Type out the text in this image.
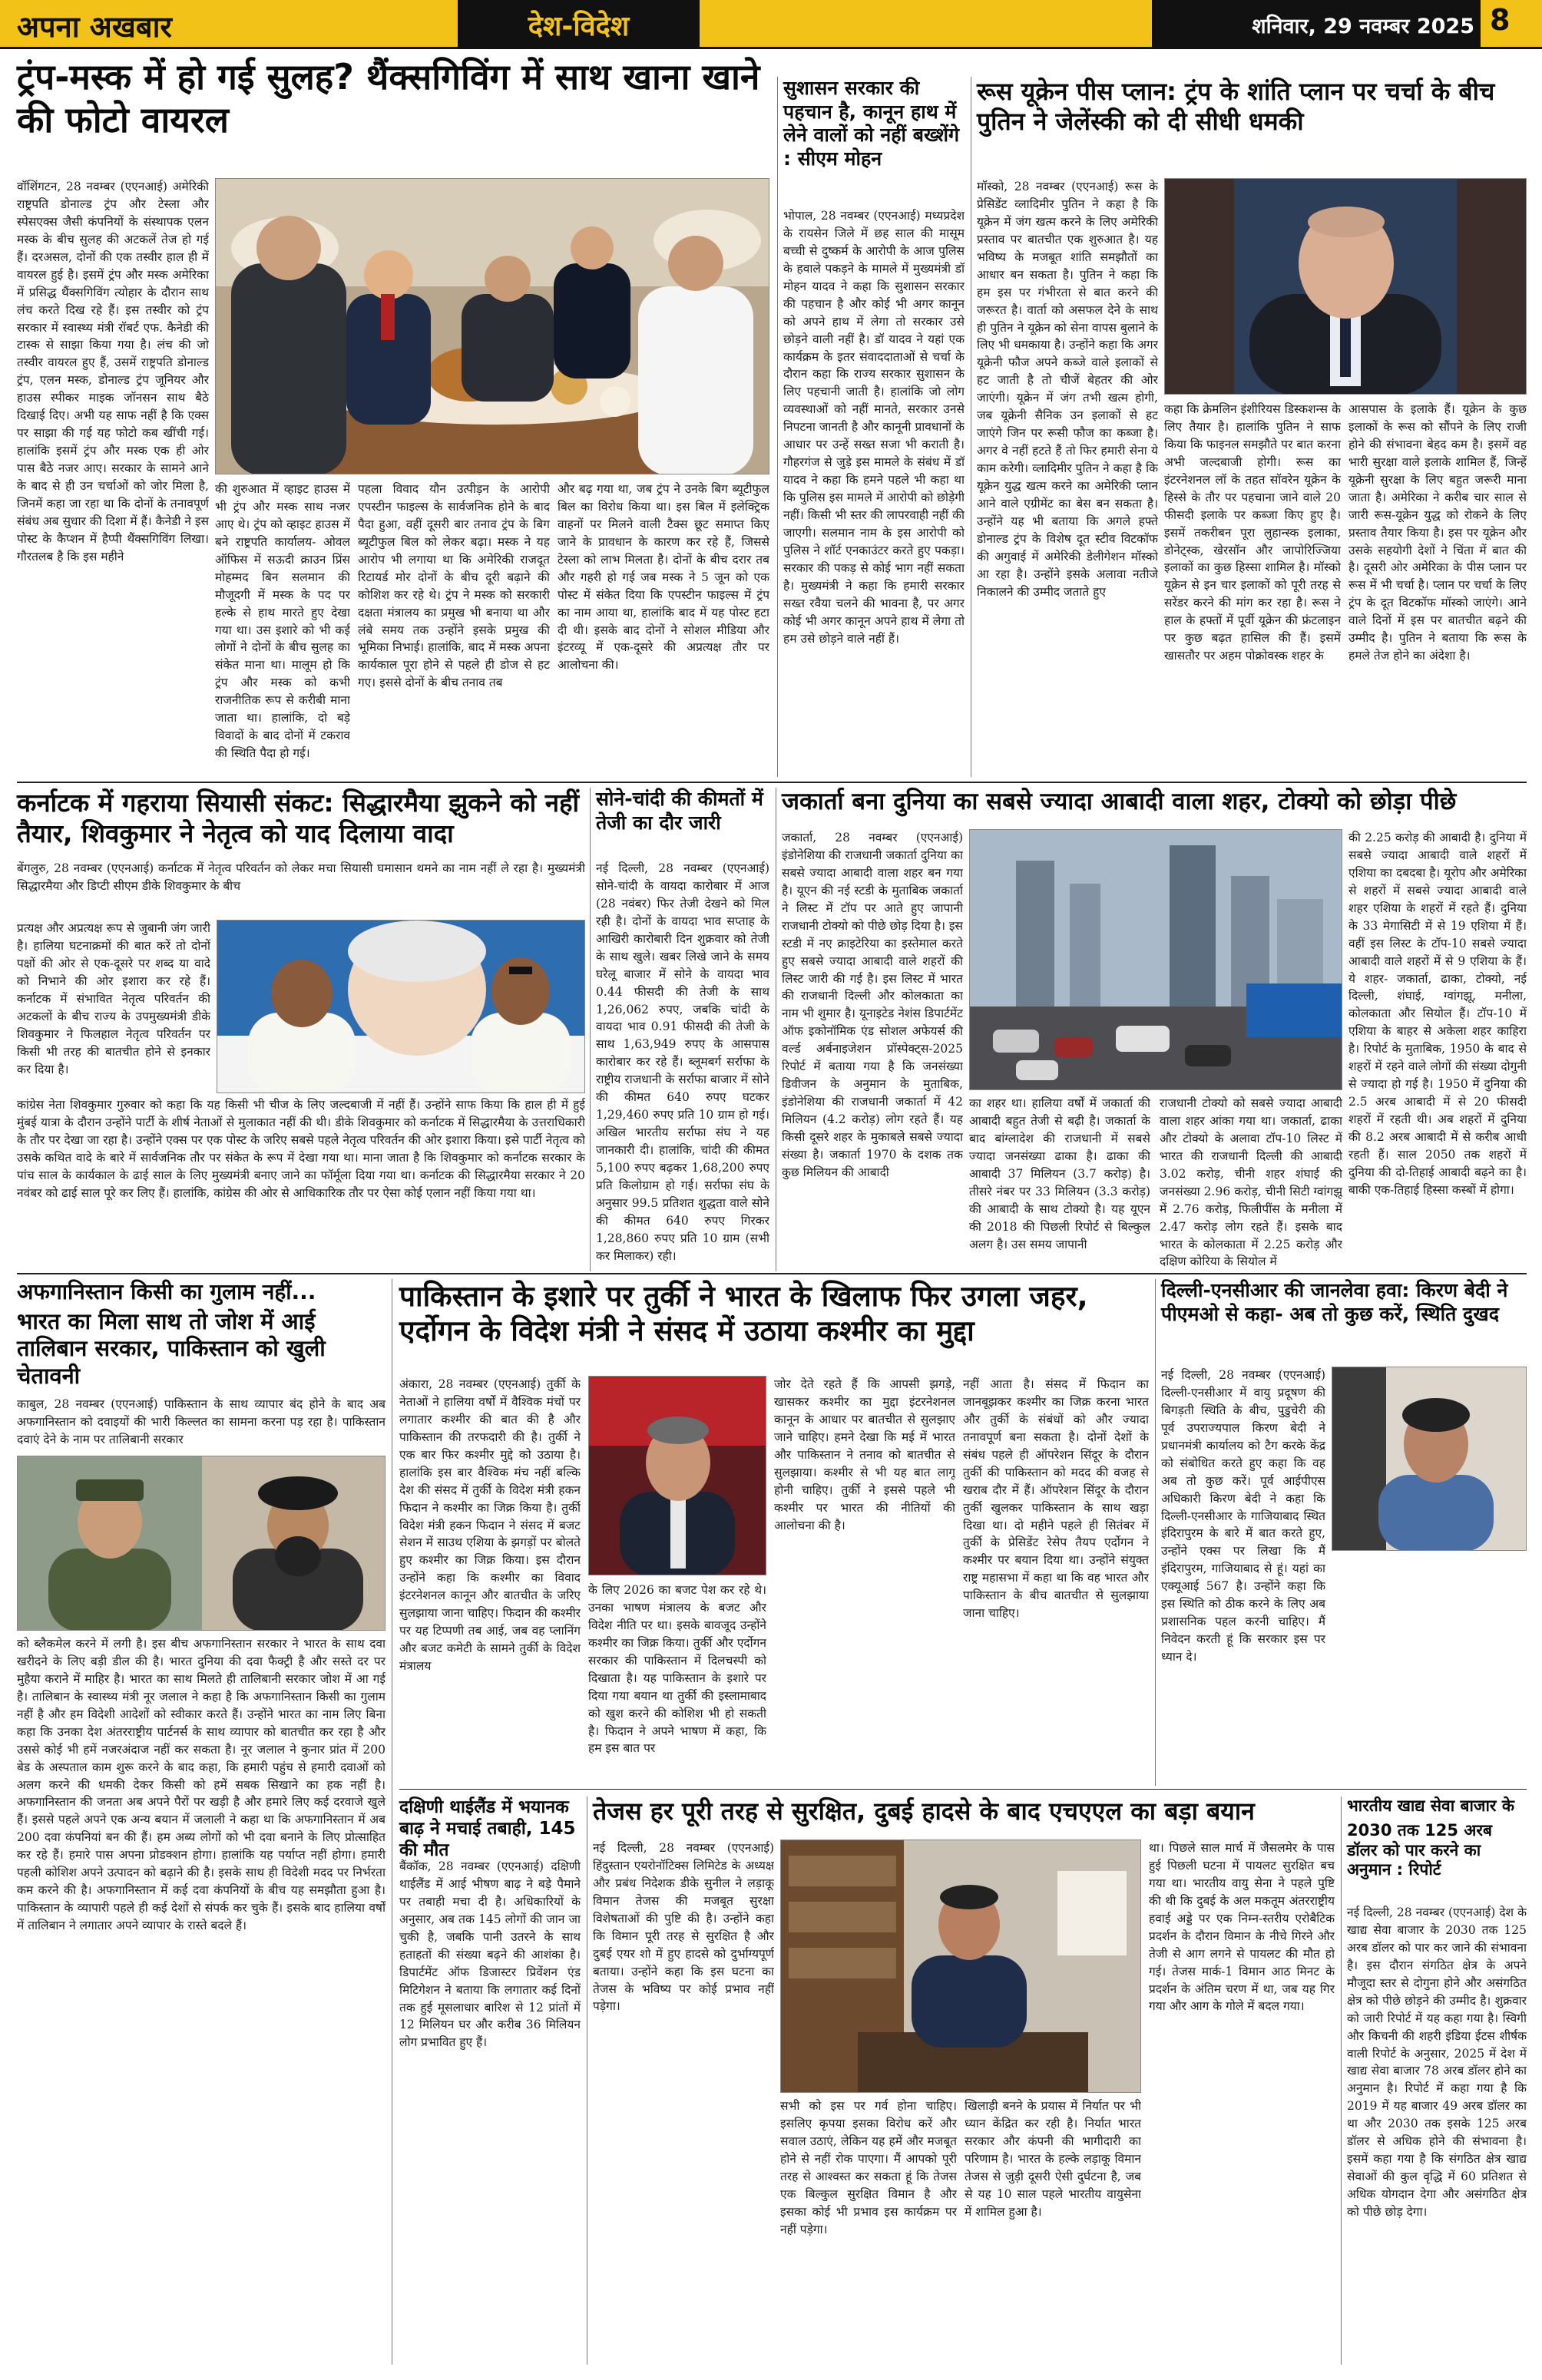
अपना अखबार	देश-विदेश	शनिवार, 29 नवम्बर 2025 8
ट्रंप-मस्क में हो गई सुलह? थैंक्सगिविंग में साथ खाना खाने की फोटो वायरल
वॉशिंगटन, 28 नवम्बर (एएनआई) अमेरिकी राष्ट्रपति डोनाल्ड ट्रंप और टेस्ला और स्पेसएक्स जैसी कंपनियों के संस्थापक एलन मस्क के बीच सुलह की अटकलें तेज हो गई हैं। दरअसल, दोनों की एक तस्वीर हाल ही में वायरल हुई है। इसमें ट्रंप और मस्क अमेरिका में प्रसिद्ध थैंक्सगिविंग त्योहार के दौरान साथ लंच करते दिख रहे हैं। इस तस्वीर को ट्रंप सरकार में स्वास्थ्य मंत्री रॉबर्ट एफ. कैनेडी की टास्क से साझा किया गया है। लंच की जो तस्वीर वायरल हुए हैं, उसमें राष्ट्रपति डोनाल्ड ट्रंप, एलन मस्क, डोनाल्ड ट्रंप जूनियर और हाउस स्पीकर माइक जॉनसन साथ बैठे दिखाई दिए। अभी यह साफ नहीं है कि एक्स पर साझा की गई यह फोटो कब खींची गई। हालांकि इसमें ट्रंप और मस्क एक ही ओर पास बैठे नजर आए। सरकार के सामने आने के बाद से ही उन चर्चाओं को जोर मिला है, जिनमें कहा जा रहा था कि दोनों के तनावपूर्ण संबंध अब सुधार की दिशा में हैं। कैनेडी ने इस पोस्ट के कैप्शन में हैप्पी थैंक्सगिविंग लिखा। गौरतलब है कि इस महीने
की शुरुआत में व्हाइट हाउस में भी ट्रंप और मस्क साथ नजर आए थे। ट्रंप को व्हाइट हाउस में बने राष्ट्रपति कार्यालय- ओवल ऑफिस में सऊदी क्राउन प्रिंस मोहम्मद बिन सलमान की मौजूदगी में मस्क के पद पर हल्के से हाथ मारते हुए देखा गया था। उस इशारे को भी कई लोगों ने दोनों के बीच सुलह का संकेत माना था। मालूम हो कि ट्रंप और मस्क को कभी राजनीतिक रूप से करीबी माना जाता था। हालांकि, दो बड़े विवादों के बाद दोनों में टकराव की स्थिति पैदा हो गई।
पहला विवाद यौन उत्पीड़न के आरोपी एपस्टीन फाइल्स के सार्वजनिक होने के बाद पैदा हुआ, वहीं दूसरी बार तनाव ट्रंप के बिग ब्यूटीफुल बिल को लेकर बढ़ा। मस्क ने यह आरोप भी लगाया था कि अमेरिकी राजदूत रिटायर्ड मोर दोनों के बीच दूरी बढ़ाने की कोशिश कर रहे थे। ट्रंप ने मस्क को सरकारी दक्षता मंत्रालय का प्रमुख भी बनाया था और लंबे समय तक उन्होंने इसके प्रमुख की भूमिका निभाई। हालांकि, बाद में मस्क अपना कार्यकाल पूरा होने से पहले ही डोज से हट गए। इससे दोनों के बीच तनाव तब
और बढ़ गया था, जब ट्रंप ने उनके बिग ब्यूटीफुल बिल का विरोध किया था। इस बिल में इलेक्ट्रिक वाहनों पर मिलने वाली टैक्स छूट समाप्त किए जाने के प्रावधान के कारण कर रहे हैं, जिससे टेस्ला को लाभ मिलता है। दोनों के बीच दरार तब और गहरी हो गई जब मस्क ने 5 जून को एक पोस्ट में संकेत दिया कि एपस्टीन फाइल्स में ट्रंप का नाम आया था, हालांकि बाद में यह पोस्ट हटा दी थी। इसके बाद दोनों ने सोशल मीडिया और इंटरव्यू में एक-दूसरे की अप्रत्यक्ष तौर पर आलोचना की।
सुशासन सरकार की पहचान है, कानून हाथ में लेने वालों को नहीं बख्शेंगे : सीएम मोहन
भोपाल, 28 नवम्बर (एएनआई) मध्यप्रदेश के रायसेन जिले में छह साल की मासूम बच्ची से दुष्कर्म के आरोपी के आज पुलिस के हवाले पकड़ने के मामले में मुख्यमंत्री डॉ मोहन यादव ने कहा कि सुशासन सरकार की पहचान है और कोई भी अगर कानून को अपने हाथ में लेगा तो सरकार उसे छोड़ने वाली नहीं है। डॉ यादव ने यहां एक कार्यक्रम के इतर संवाददाताओं से चर्चा के दौरान कहा कि राज्य सरकार सुशासन के लिए पहचानी जाती है। हालांकि जो लोग व्यवस्थाओं को नहीं मानते, सरकार उनसे निपटना जानती है और कानूनी प्रावधानों के आधार पर उन्हें सख्त सजा भी कराती है। गौहरगंज से जुड़े इस मामले के संबंध में डॉ यादव ने कहा कि हमने पहले भी कहा था कि पुलिस इस मामले में आरोपी को छोड़ेगी नहीं। किसी भी स्तर की लापरवाही नहीं की जाएगी। सलमान नाम के इस आरोपी को पुलिस ने शॉर्ट एनकाउंटर करते हुए पकड़ा। सरकार की पकड़ से कोई भाग नहीं सकता है। मुख्यमंत्री ने कहा कि हमारी सरकार सख्त रवैया चलने की भावना है, पर अगर कोई भी अगर कानून अपने हाथ में लेगा तो हम उसे छोड़ने वाले नहीं हैं।
रूस यूक्रेन पीस प्लान: ट्रंप के शांति प्लान पर चर्चा के बीच पुतिन ने जेलेंस्की को दी सीधी धमकी
मॉस्को, 28 नवम्बर (एएनआई) रूस के प्रेसिडेंट व्लादिमीर पुतिन ने कहा है कि यूक्रेन में जंग खत्म करने के लिए अमेरिकी प्रस्ताव पर बातचीत एक शुरुआत है। यह भविष्य के मजबूत शांति समझौतों का आधार बन सकता है। पुतिन ने कहा कि हम इस पर गंभीरता से बात करने की जरूरत है। वार्ता को असफल देने के साथ ही पुतिन ने यूक्रेन को सेना वापस बुलाने के लिए भी धमकाया है। उन्होंने कहा कि अगर यूक्रेनी फौज अपने कब्जे वाले इलाकों से हट जाती है तो चीजें बेहतर की ओर जाएंगी। यूक्रेन में जंग तभी खत्म होगी, जब यूक्रेनी सैनिक उन इलाकों से हट जाएंगे जिन पर रूसी फौज का कब्जा है। अगर वे नहीं हटते हैं तो फिर हमारी सेना ये काम करेगी। व्लादिमीर पुतिन ने कहा है कि यूक्रेन युद्ध खत्म करने का अमेरिकी प्लान आने वाले एग्रीमेंट का बेस बन सकता है। उन्होंने यह भी बताया कि अगले हफ्ते डोनाल्ड ट्रंप के विशेष दूत स्टीव विटकॉफ की अगुवाई में अमेरिकी डेलीगेशन मॉस्को आ रहा है। उन्होंने इसके अलावा नतीजे निकालने की उम्मीद जताते हुए
कहा कि क्रेमलिन इंशीरियस डिस्कशन्स के लिए तैयार है। हालांकि पुतिन ने साफ किया कि फाइनल समझौते पर बात करना अभी जल्दबाजी होगी। रूस का इंटरनेशनल लॉ के तहत सॉवरेन यूक्रेन के हिस्से के तौर पर पहचाना जाने वाले 20 फीसदी इलाके पर कब्जा किए हुए है। इसमें तकरीबन पूरा लुहान्स्क इलाका, डोनेट्स्क, खेरसॉन और जापोरिज्जिया इलाकों का कुछ हिस्सा शामिल है। मॉस्को यूक्रेन से इन चार इलाकों को पूरी तरह से सरेंडर करने की मांग कर रहा है। रूस ने हाल के हफ्तों में पूर्वी यूक्रेन की फ्रंटलाइन पर कुछ बढ़त हासिल की हैं। इसमें खासतौर पर अहम पोक्रोवस्क शहर के
आसपास के इलाके हैं। यूक्रेन के कुछ इलाकों के रूस को सौंपने के लिए राजी होने की संभावना बेहद कम है। इसमें वह भारी सुरक्षा वाले इलाके शामिल हैं, जिन्हें यूक्रेनी सुरक्षा के लिए बहुत जरूरी माना जाता है। अमेरिका ने करीब चार साल से जारी रूस-यूक्रेन युद्ध को रोकने के लिए प्रस्ताव तैयार किया है। इस पर यूक्रेन और उसके सहयोगी देशों ने चिंता में बात की है। दूसरी ओर अमेरिका के पीस प्लान पर रूस में भी चर्चा है। प्लान पर चर्चा के लिए ट्रंप के दूत विटकॉफ मॉस्को जाएंगे। आने वाले दिनों में इस पर बातचीत बढ़ने की उम्मीद है। पुतिन ने बताया कि रूस के हमले तेज होने का अंदेशा है।
कर्नाटक में गहराया सियासी संकट: सिद्धारमैया झुकने को नहीं तैयार, शिवकुमार ने नेतृत्व को याद दिलाया वादा
बेंगलुरु, 28 नवम्बर (एएनआई) कर्नाटक में नेतृत्व परिवर्तन को लेकर मचा सियासी घमासान थमने का नाम नहीं ले रहा है। मुख्यमंत्री सिद्धारमैया और डिप्टी सीएम डीके शिवकुमार के बीच
प्रत्यक्ष और अप्रत्यक्ष रूप से जुबानी जंग जारी है। हालिया घटनाक्रमों की बात करें तो दोनों पक्षों की ओर से एक-दूसरे पर शब्द या वादे को निभाने की ओर इशारा कर रहे हैं। कर्नाटक में संभावित नेतृत्व परिवर्तन की अटकलों के बीच राज्य के उपमुख्यमंत्री डीके शिवकुमार ने फिलहाल नेतृत्व परिवर्तन पर किसी भी तरह की बातचीत होने से इनकार कर दिया है।
कांग्रेस नेता शिवकुमार गुरुवार को कहा कि यह किसी भी चीज के लिए जल्दबाजी में नहीं हैं। उन्होंने साफ किया कि हाल ही में हुई मुंबई यात्रा के दौरान उन्होंने पार्टी के शीर्ष नेताओं से मुलाकात नहीं की थी। डीके शिवकुमार को कर्नाटक में सिद्धारमैया के उत्तराधिकारी के तौर पर देखा जा रहा है। उन्होंने एक्स पर एक पोस्ट के जरिए सबसे पहले नेतृत्व परिवर्तन की ओर इशारा किया। इसे पार्टी नेतृत्व को उसके कथित वादे के बारे में सार्वजनिक तौर पर संकेत के रूप में देखा गया था। माना जाता है कि शिवकुमार को कर्नाटक सरकार के पांच साल के कार्यकाल के ढाई साल के लिए मुख्यमंत्री बनाए जाने का फॉर्मूला दिया गया था। कर्नाटक की सिद्धारमैया सरकार ने 20 नवंबर को ढाई साल पूरे कर लिए हैं। हालांकि, कांग्रेस की ओर से आधिकारिक तौर पर ऐसा कोई एलान नहीं किया गया था।
सोने-चांदी की कीमतों में तेजी का दौर जारी
नई दिल्ली, 28 नवम्बर (एएनआई) सोने-चांदी के वायदा कारोबार में आज (28 नवंबर) फिर तेजी देखने को मिल रही है। दोनों के वायदा भाव सप्ताह के आखिरी कारोबारी दिन शुक्रवार को तेजी के साथ खुले। खबर लिखे जाने के समय घरेलू बाजार में सोने के वायदा भाव 0.44 फीसदी की तेजी के साथ 1,26,062 रुपए, जबकि चांदी के वायदा भाव 0.91 फीसदी की तेजी के साथ 1,63,949 रुपए के आसपास कारोबार कर रहे हैं। ब्लूमबर्ग सर्राफा के राष्ट्रीय राजधानी के सर्राफा बाजार में सोने की कीमत 640 रुपए घटकर 1,29,460 रुपए प्रति 10 ग्राम हो गई। अखिल भारतीय सर्राफा संघ ने यह जानकारी दी। हालांकि, चांदी की कीमत 5,100 रुपए बढ़कर 1,68,200 रुपए प्रति किलोग्राम हो गई। सर्राफा संघ के अनुसार 99.5 प्रतिशत शुद्धता वाले सोने की कीमत 640 रुपए गिरकर 1,28,860 रुपए प्रति 10 ग्राम (सभी कर मिलाकर) रही।
जकार्ता बना दुनिया का सबसे ज्यादा आबादी वाला शहर, टोक्यो को छोड़ा पीछे
जकार्ता, 28 नवम्बर (एएनआई) इंडोनेशिया की राजधानी जकार्ता दुनिया का सबसे ज्यादा आबादी वाला शहर बन गया है। यूएन की नई स्टडी के मुताबिक जकार्ता ने लिस्ट में टॉप पर आते हुए जापानी राजधानी टोक्यो को पीछे छोड़ दिया है। इस स्टडी में नए क्राइटेरिया का इस्तेमाल करते हुए सबसे ज्यादा आबादी वाले शहरों की लिस्ट जारी की गई है। इस लिस्ट में भारत की राजधानी दिल्ली और कोलकाता का नाम भी शुमार है। यूनाइटेड नेशंस डिपार्टमेंट ऑफ इकोनॉमिक एंड सोशल अफेयर्स की वर्ल्ड अर्बनाइजेशन प्रॉस्पेक्ट्स-2025 रिपोर्ट में बताया गया है कि जनसंख्या डिवीजन के अनुमान के मुताबिक, इंडोनेशिया की राजधानी जकार्ता में 42 मिलियन (4.2 करोड़) लोग रहते हैं। यह किसी दूसरे शहर के मुकाबले सबसे ज्यादा संख्या है। जकार्ता 1970 के दशक तक कुछ मिलियन की आबादी
का शहर था। हालिया वर्षों में जकार्ता की आबादी बहुत तेजी से बढ़ी है। जकार्ता के बाद बांग्लादेश की राजधानी में सबसे ज्यादा जनसंख्या ढाका है। ढाका की आबादी 37 मिलियन (3.7 करोड़) है। तीसरे नंबर पर 33 मिलियन (3.3 करोड़) की आबादी के साथ टोक्यो है। यह यूएन की 2018 की पिछली रिपोर्ट से बिल्कुल अलग है। उस समय जापानी
राजधानी टोक्यो को सबसे ज्यादा आबादी वाला शहर आंका गया था। जकार्ता, ढाका और टोक्यो के अलावा टॉप-10 लिस्ट में भारत की राजधानी दिल्ली की आबादी 3.02 करोड़, चीनी शहर शंघाई की जनसंख्या 2.96 करोड़, चीनी सिटी ग्वांगझू में 2.76 करोड़, फिलीपींस के मनीला में 2.47 करोड़ लोग रहते हैं। इसके बाद भारत के कोलकाता में 2.25 करोड़ और दक्षिण कोरिया के सियोल में
की 2.25 करोड़ की आबादी है। दुनिया में सबसे ज्यादा आबादी वाले शहरों में एशिया का दबदबा है। यूरोप और अमेरिका से शहरों में सबसे ज्यादा आबादी वाले शहर एशिया के शहरों में रहते हैं। दुनिया के 33 मेगासिटी में से 19 एशिया में हैं। वहीं इस लिस्ट के टॉप-10 सबसे ज्यादा आबादी वाले शहरों में से 9 एशिया के हैं। ये शहर- जकार्ता, ढाका, टोक्यो, नई दिल्ली, शंघाई, ग्वांगझू, मनीला, कोलकाता और सियोल हैं। टॉप-10 में एशिया के बाहर से अकेला शहर काहिरा है। रिपोर्ट के मुताबिक, 1950 के बाद से शहरों में रहने वाले लोगों की संख्या दोगुनी से ज्यादा हो गई है। 1950 में दुनिया की 2.5 अरब आबादी में से 20 फीसदी शहरों में रहती थी। अब शहरों में दुनिया की 8.2 अरब आबादी में से करीब आधी रहती हैं। साल 2050 तक शहरों में दुनिया की दो-तिहाई आबादी बढ़ने का है। बाकी एक-तिहाई हिस्सा कस्बों में होगा।
अफगानिस्तान किसी का गुलाम नहीं...
भारत का मिला साथ तो जोश में आई तालिबान सरकार, पाकिस्तान को खुली चेतावनी
काबुल, 28 नवम्बर (एएनआई) पाकिस्तान के साथ व्यापार बंद होने के बाद अब अफगानिस्तान को दवाइयों की भारी किल्लत का सामना करना पड़ रहा है। पाकिस्तान दवाएं देने के नाम पर तालिबानी सरकार
को ब्लैकमेल करने में लगी है। इस बीच अफगानिस्तान सरकार ने भारत के साथ दवा खरीदने के लिए बड़ी डील की है। भारत दुनिया की दवा फैक्ट्री है और सस्ते दर पर मुहैया कराने में माहिर है। भारत का साथ मिलते ही तालिबानी सरकार जोश में आ गई है। तालिबान के स्वास्थ्य मंत्री नूर जलाल ने कहा है कि अफगानिस्तान किसी का गुलाम नहीं है और हम विदेशी आदेशों को स्वीकार करते हैं। उन्होंने भारत का नाम लिए बिना कहा कि उनका देश अंतरराष्ट्रीय पार्टनर्स के साथ व्यापार को बातचीत कर रहा है और उससे कोई भी हमें नजरअंदाज नहीं कर सकता है। नूर जलाल ने कुनार प्रांत में 200 बेड के अस्पताल काम शुरू करने के बाद कहा, कि हमारी पहुंच से हमारी दवाओं को अलग करने की धमकी देकर किसी को हमें सबक सिखाने का हक नहीं है। अफगानिस्तान की जनता अब अपने पैरों पर खड़ी है और हमारे लिए कई दरवाजे खुले हैं। इससे पहले अपने एक अन्य बयान में जलाली ने कहा था कि अफगानिस्तान में अब 200 दवा कंपनियां बन की हैं। हम अब्य लोगों को भी दवा बनाने के लिए प्रोत्साहित कर रहे हैं। हमारे पास अपना प्रोडक्शन होगा। हालांकि यह पर्याप्त नहीं होगा। हमारी पहली कोशिश अपने उत्पादन को बढ़ाने की है। इसके साथ ही विदेशी मदद पर निर्भरता कम करने की है। अफगानिस्तान में कई दवा कंपनियों के बीच यह समझौता हुआ है। पाकिस्तान के व्यापारी पहले ही कई देशों से संपर्क कर चुके हैं। इसके बाद हालिया वर्षों में तालिबान ने लगातार अपने व्यापार के रास्ते बदले हैं।
पाकिस्तान के इशारे पर तुर्की ने भारत के खिलाफ फिर उगला जहर, एर्दोगन के विदेश मंत्री ने संसद में उठाया कश्मीर का मुद्दा
अंकारा, 28 नवम्बर (एएनआई) तुर्की के नेताओं ने हालिया वर्षों में वैश्विक मंचों पर लगातार कश्मीर की बात की है और पाकिस्तान की तरफदारी की है। तुर्की ने एक बार फिर कश्मीर मुद्दे को उठाया है। हालांकि इस बार वैश्विक मंच नहीं बल्कि देश की संसद में तुर्की के विदेश मंत्री हकन फिदान ने कश्मीर का जिक्र किया है। तुर्की विदेश मंत्री हकन फिदान ने संसद में बजट सेशन में साउथ एशिया के झगड़ों पर बोलते हुए कश्मीर का जिक्र किया। इस दौरान उन्होंने कहा कि कश्मीर का विवाद इंटरनेशनल कानून और बातचीत के जरिए सुलझाया जाना चाहिए। फिदान की कश्मीर पर यह टिप्पणी तब आई, जब वह प्लानिंग और बजट कमेटी के सामने तुर्की के विदेश मंत्रालय
के लिए 2026 का बजट पेश कर रहे थे। उनका भाषण मंत्रालय के बजट और विदेश नीति पर था। इसके बावजूद उन्होंने कश्मीर का जिक्र किया। तुर्की और एर्दोगन सरकार की पाकिस्तान में दिलचस्पी को दिखाता है। यह पाकिस्तान के इशारे पर दिया गया बयान था तुर्की की इस्लामाबाद को खुश करने की कोशिश भी हो सकती है। फिदान ने अपने भाषण में कहा, कि हम इस बात पर
जोर देते रहते हैं कि आपसी झगड़े, खासकर कश्मीर का मुद्दा इंटरनेशनल कानून के आधार पर बातचीत से सुलझाए जाने चाहिए। हमने देखा कि मई में भारत और पाकिस्तान ने तनाव को बातचीत से सुलझाया। कश्मीर से भी यह बात लागू होनी चाहिए। तुर्की ने इससे पहले भी कश्मीर पर भारत की नीतियों की आलोचना की है।
नहीं आता है। संसद में फिदान का जानबूझकर कश्मीर का जिक्र करना भारत और तुर्की के संबंधों को और ज्यादा तनावपूर्ण बना सकता है। दोनों देशों के संबंध पहले ही ऑपरेशन सिंदूर के दौरान तुर्की की पाकिस्तान को मदद की वजह से खराब दौर में हैं। ऑपरेशन सिंदूर के दौरान तुर्की खुलकर पाकिस्तान के साथ खड़ा दिखा था। दो महीने पहले ही सितंबर में तुर्की के प्रेसिडेंट रेसेप तैयप एर्दोगन ने कश्मीर पर बयान दिया था। उन्होंने संयुक्त राष्ट्र महासभा में कहा था कि वह भारत और पाकिस्तान के बीच बातचीत से सुलझाया जाना चाहिए।
दिल्ली-एनसीआर की जानलेवा हवा: किरण बेदी ने पीएमओ से कहा- अब तो कुछ करें, स्थिति दुखद
नई दिल्ली, 28 नवम्बर (एएनआई) दिल्ली-एनसीआर में वायु प्रदूषण की बिगड़ती स्थिति के बीच, पुडुचेरी की पूर्व उपराज्यपाल किरण बेदी ने प्रधानमंत्री कार्यालय को टैग करके केंद्र को संबोधित करते हुए कहा कि वह अब तो कुछ करें। पूर्व आईपीएस अधिकारी किरण बेदी ने कहा कि दिल्ली-एनसीआर के गाजियाबाद स्थित इंदिरापुरम के बारे में बात करते हुए, उन्होंने एक्स पर लिखा कि मैं इंदिरापुरम, गाजियाबाद से हूं। यहां का एक्यूआई 567 है। उन्होंने कहा कि इस स्थिति को ठीक करने के लिए अब प्रशासनिक पहल करनी चाहिए। मैं निवेदन करती हूं कि सरकार इस पर ध्यान दे।
दक्षिणी थाईलैंड में भयानक बाढ़ ने मचाई तबाही, 145 की मौत
बैंकॉक, 28 नवम्बर (एएनआई) दक्षिणी थाईलैंड में आई भीषण बाढ़ ने बड़े पैमाने पर तबाही मचा दी है। अधिकारियों के अनुसार, अब तक 145 लोगों की जान जा चुकी है, जबकि पानी उतरने के साथ हताहतों की संख्या बढ़ने की आशंका है। डिपार्टमेंट ऑफ डिजास्टर प्रिवेंशन एंड मिटिगेशन ने बताया कि लगातार कई दिनों तक हुई मूसलाधार बारिश से 12 प्रांतों में 12 मिलियन घर और करीब 36 मिलियन लोग प्रभावित हुए हैं।
तेजस हर पूरी तरह से सुरक्षित, दुबई हादसे के बाद एचएएल का बड़ा बयान
नई दिल्ली, 28 नवम्बर (एएनआई) हिंदुस्तान एयरोनॉटिक्स लिमिटेड के अध्यक्ष और प्रबंध निदेशक डीके सुनील ने लड़ाकू विमान तेजस की मजबूत सुरक्षा विशेषताओं की पुष्टि की है। उन्होंने कहा कि विमान पूरी तरह से सुरक्षित है और दुबई एयर शो में हुए हादसे को दुर्भाग्यपूर्ण बताया। उन्होंने कहा कि इस घटना का तेजस के भविष्य पर कोई प्रभाव नहीं पड़ेगा।
सभी को इस पर गर्व होना चाहिए। इसलिए कृपया इसका विरोध करें और सवाल उठाएं, लेकिन यह हमें और मजबूत होने से नहीं रोक पाएगा। मैं आपको पूरी तरह से आश्वस्त कर सकता हूं कि तेजस एक बिल्कुल सुरक्षित विमान है और इसका कोई भी प्रभाव इस कार्यक्रम पर नहीं पड़ेगा।
खिलाड़ी बनने के प्रयास में निर्यात पर भी ध्यान केंद्रित कर रही है। निर्यात भारत सरकार और कंपनी की भागीदारी का परिणाम है। भारत के हल्के लड़ाकू विमान तेजस से जुड़ी दूसरी ऐसी दुर्घटना है, जब से यह 10 साल पहले भारतीय वायुसेना में शामिल हुआ है।
था। पिछले साल मार्च में जैसलमेर के पास हुई पिछली घटना में पायलट सुरक्षित बच गया था। भारतीय वायु सेना ने पहले पुष्टि की थी कि दुबई के अल मकतूम अंतरराष्ट्रीय हवाई अड्डे पर एक निम्न-स्तरीय एरोबैटिक प्रदर्शन के दौरान विमान के नीचे गिरने और तेजी से आग लगने से पायलट की मौत हो गई। तेजस मार्क-1 विमान आठ मिनट के प्रदर्शन के अंतिम चरण में था, जब यह गिर गया और आग के गोले में बदल गया।
भारतीय खाद्य सेवा बाजार के
2030 तक 125 अरब डॉलर को पार करने का अनुमान : रिपोर्ट
नई दिल्ली, 28 नवम्बर (एएनआई) देश के खाद्य सेवा बाजार के 2030 तक 125 अरब डॉलर को पार कर जाने की संभावना है। इस दौरान संगठित क्षेत्र के अपने मौजूदा स्तर से दोगुना होने और असंगठित क्षेत्र को पीछे छोड़ने की उम्मीद है। शुक्रवार को जारी रिपोर्ट में यह कहा गया है। स्विगी और किचनी की शहरी इंडिया ईटस शीर्षक वाली रिपोर्ट के अनुसार, 2025 में देश में खाद्य सेवा बाजार 78 अरब डॉलर होने का अनुमान है। रिपोर्ट में कहा गया है कि 2019 में यह बाजार 49 अरब डॉलर का था और 2030 तक इसके 125 अरब डॉलर से अधिक होने की संभावना है। इसमें कहा गया है कि संगठित क्षेत्र खाद्य सेवाओं की कुल वृद्धि में 60 प्रतिशत से अधिक योगदान देगा और असंगठित क्षेत्र को पीछे छोड़ देगा।
